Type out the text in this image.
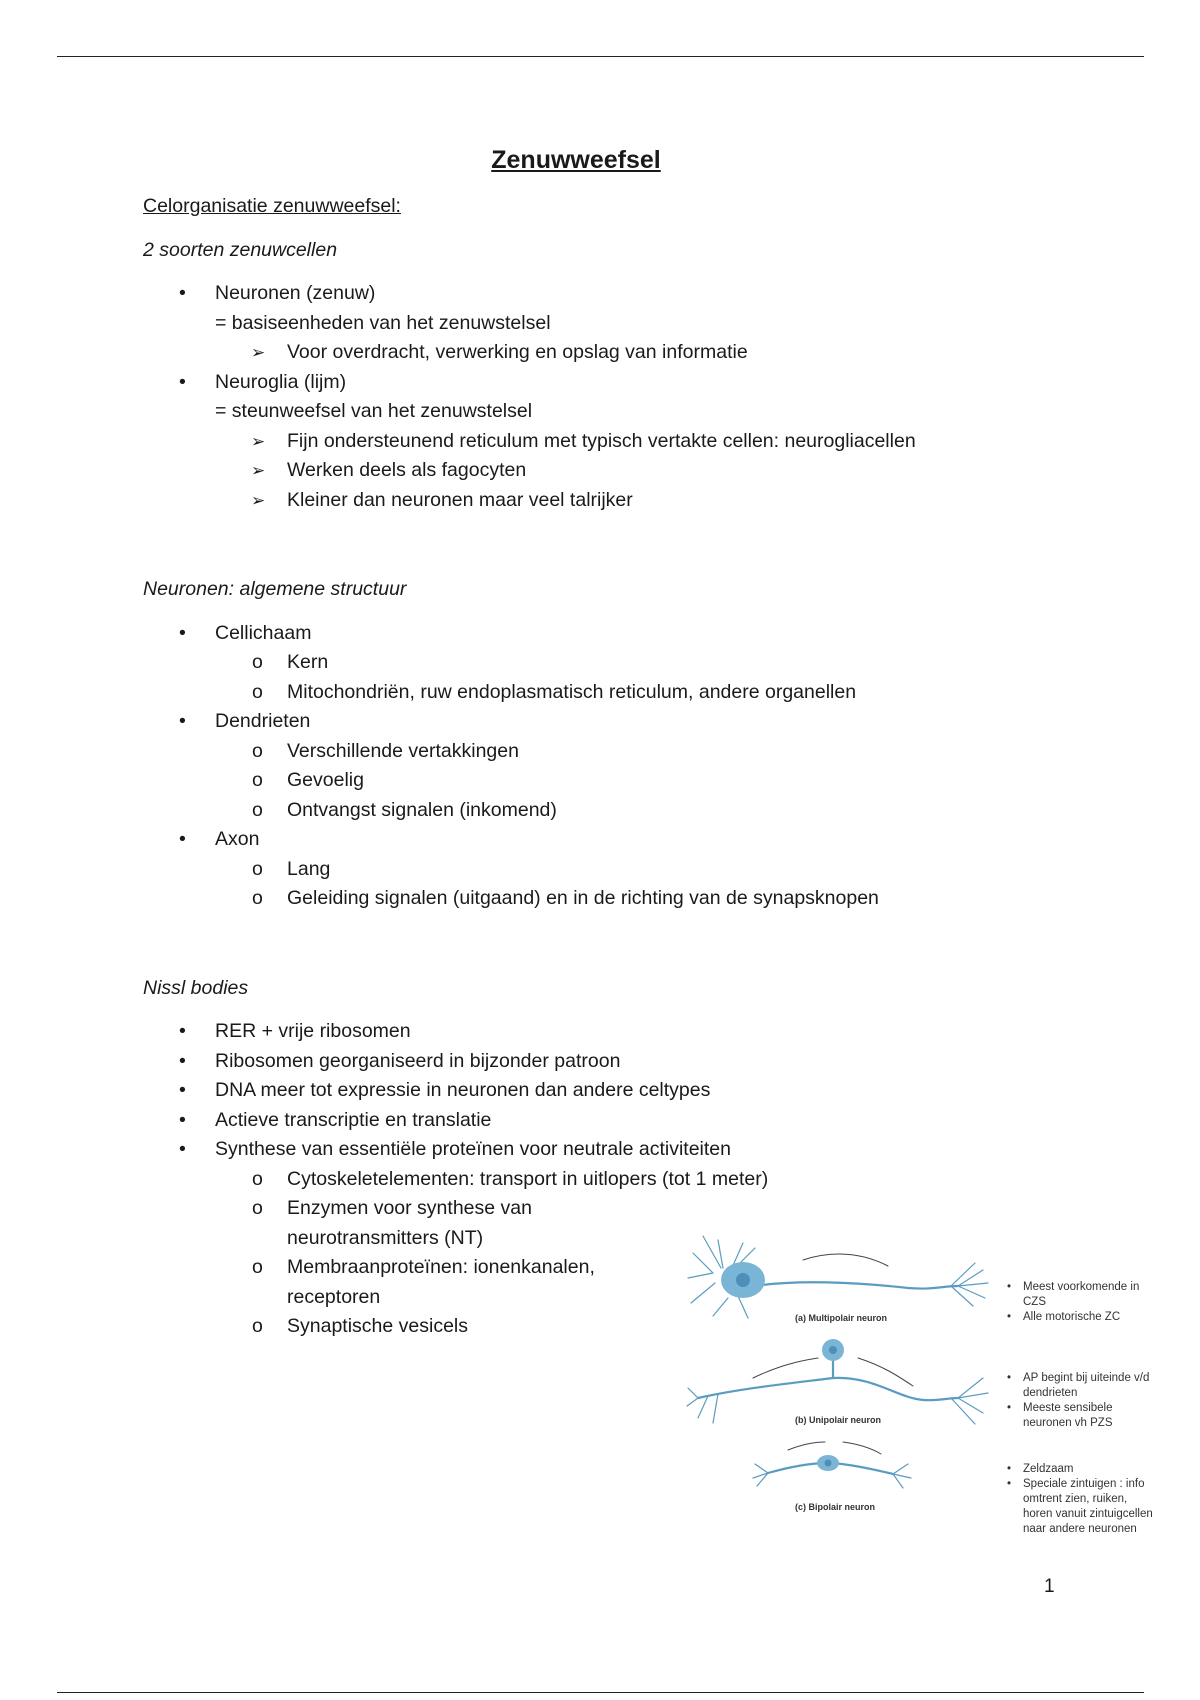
Zenuwweefsel
Celorganisatie zenuwweefsel:
2 soorten zenuwcellen
• Neuronen (zenuw)
= basiseenheden van het zenuwstelsel
➢ Voor overdracht, verwerking en opslag van informatie
• Neuroglia (lijm)
= steunweefsel van het zenuwstelsel
➢ Fijn ondersteunend reticulum met typisch vertakte cellen: neurogliacellen
➢ Werken deels als fagocyten
➢ Kleiner dan neuronen maar veel talrijker
Neuronen: algemene structuur
• Cellichaam
o Kern
o Mitochondriën, ruw endoplasmatisch reticulum, andere organellen
• Dendrieten
o Verschillende vertakkingen
o Gevoelig
o Ontvangst signalen (inkomend)
• Axon
o Lang
o Geleiding signalen (uitgaand) en in de richting van de synapsknopen
Nissl bodies
• RER + vrije ribosomen
• Ribosomen georganiseerd in bijzonder patroon
• DNA meer tot expressie in neuronen dan andere celtypes
• Actieve transcriptie en translatie
• Synthese van essentiële proteïnen voor neutrale activiteiten
o Cytoskeletelementen: transport in uitlopers (tot 1 meter)
o Enzymen voor synthese van neurotransmitters (NT)
o Membraanproteïnen: ionenkanalen, receptoren
o Synaptische vesicels	(a) Multipolair neuron
(b) Unipolair neuron
(c) Bipolair neuron
• Meest voorkomende in CZS
• Alle motorische ZC
• AP begint bij uiteinde v/d dendrieten
• Meeste sensibele neuronen vh PZS
• Zeldzaam
• Speciale zintuigen : info omtrent zien, ruiken, horen vanuit zintuigcellen naar andere neuronen
1
